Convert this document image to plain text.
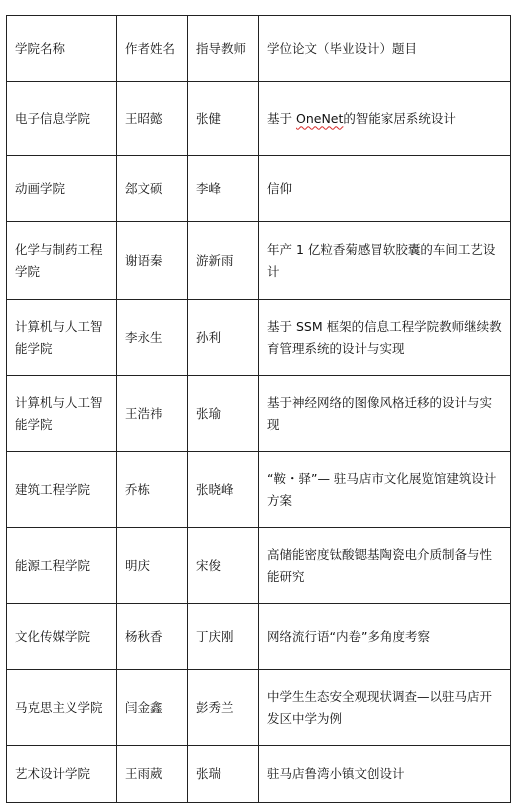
学院名称	作者姓名	指导教师	学位论文（毕业设计）题目
电子信息学院	王昭懿	张健	基于 OneNet的智能家居系统设计
动画学院	郐文硕	李峰	信仰
化学与制药工程学院	谢语秦	游新雨	年产 1 亿粒香菊感冒软胶囊的车间工艺设计
计算机与人工智能学院	李永生	孙利	基于 SSM 框架的信息工程学院教师继续教育管理系统的设计与实现
计算机与人工智能学院	王浩祎	张瑜	基于神经网络的图像风格迁移的设计与实现
建筑工程学院	乔栋	张晓峰	“鞍・驿”— 驻马店市文化展览馆建筑设计方案
能源工程学院	明庆	宋俊	高储能密度钛酸锶基陶瓷电介质制备与性能研究
文化传媒学院	杨秋香	丁庆刚	网络流行语“内卷”多角度考察
马克思主义学院	闫金鑫	彭秀兰	中学生生态安全观现状调查—以驻马店开发区中学为例
艺术设计学院	王雨葳	张瑞	驻马店鲁湾小镇文创设计
